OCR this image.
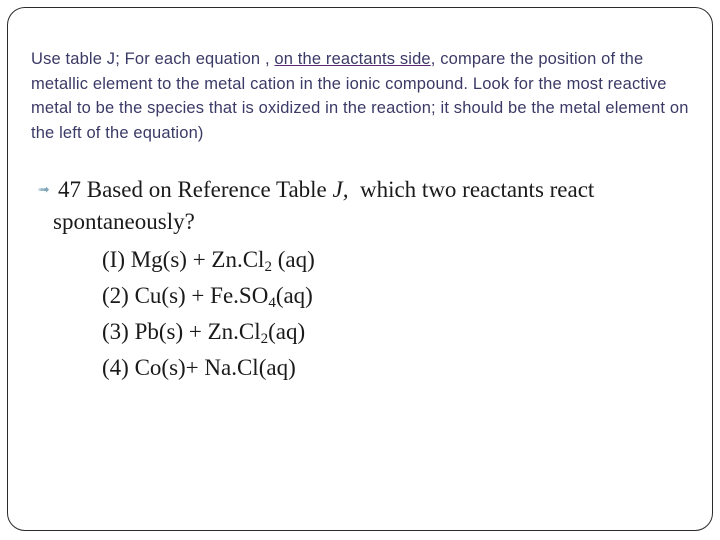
Use table J; For each equation , on the reactants side, compare the position of the metallic element to the metal cation in the ionic compound. Look for the most reactive metal to be the species that is oxidized in the reaction; it should be the metal element on the left of the equation)
➟ 47 Based on Reference Table J,  which two reactants react
spontaneously?
(I) $Mg(s) + Zn.Cl_2$ (aq)
(2) $Cu(s) + Fe.SO_4(aq)$
(3) $Pb(s) + Zn.Cl_2(aq)$
(4) Co(s)+ Na.Cl(aq)
